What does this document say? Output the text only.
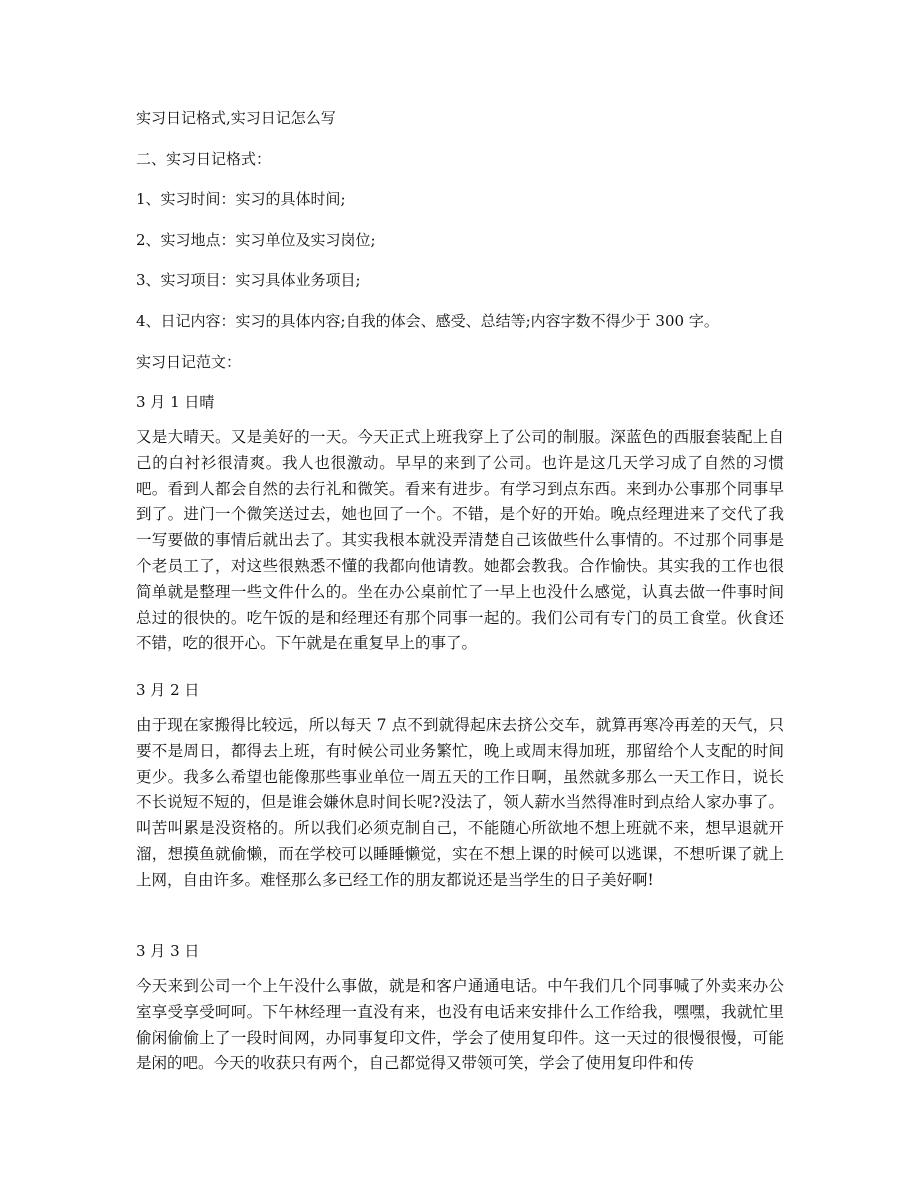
实习日记格式,实习日记怎么写
二、实习日记格式：
1、实习时间：实习的具体时间;
2、实习地点：实习单位及实习岗位;
3、实习项目：实习具体业务项目;
4、日记内容：实习的具体内容;自我的体会、感受、总结等;内容字数不得少于 300 字。
实习日记范文：
3 月 1 日晴
又是大晴天。又是美好的一天。今天正式上班我穿上了公司的制服。深蓝色的西服套装配上自己的白衬衫很清爽。我人也很激动。早早的来到了公司。也许是这几天学习成了自然的习惯吧。看到人都会自然的去行礼和微笑。看来有进步。有学习到点东西。来到办公事那个同事早到了。进门一个微笑送过去，她也回了一个。不错，是个好的开始。晚点经理进来了交代了我一写要做的事情后就出去了。其实我根本就没弄清楚自己该做些什么事情的。不过那个同事是个老员工了，对这些很熟悉不懂的我都向他请教。她都会教我。合作愉快。其实我的工作也很简单就是整理一些文件什么的。坐在办公桌前忙了一早上也没什么感觉，认真去做一件事时间总过的很快的。吃午饭的是和经理还有那个同事一起的。我们公司有专门的员工食堂。伙食还不错，吃的很开心。下午就是在重复早上的事了。
3 月 2 日
由于现在家搬得比较远，所以每天 7 点不到就得起床去挤公交车，就算再寒冷再差的天气，只要不是周日，都得去上班，有时候公司业务繁忙，晚上或周末得加班，那留给个人支配的时间更少。我多么希望也能像那些事业单位一周五天的工作日啊，虽然就多那么一天工作日，说长不长说短不短的，但是谁会嫌休息时间长呢?没法了，领人薪水当然得准时到点给人家办事了。叫苦叫累是没资格的。所以我们必须克制自己，不能随心所欲地不想上班就不来，想早退就开溜，想摸鱼就偷懒，而在学校可以睡睡懒觉，实在不想上课的时候可以逃课，不想听课了就上上网，自由许多。难怪那么多已经工作的朋友都说还是当学生的日子美好啊!
3 月 3 日
今天来到公司一个上午没什么事做，就是和客户通通电话。中午我们几个同事喊了外卖来办公室享受享受呵呵。下午林经理一直没有来，也没有电话来安排什么工作给我，嘿嘿，我就忙里偷闲偷偷上了一段时间网，办同事复印文件，学会了使用复印件。这一天过的很慢很慢，可能是闲的吧。今天的收获只有两个，自己都觉得又带领可笑，学会了使用复印件和传
